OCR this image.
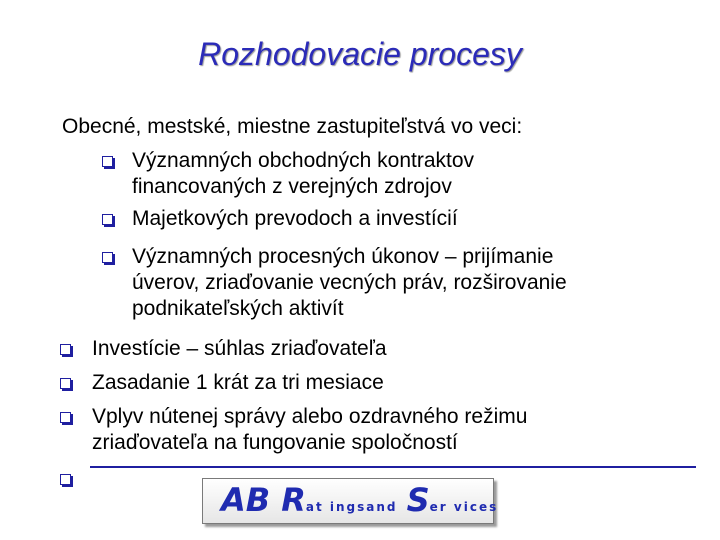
Rozhodovacie procesy
Obecné, mestské, miestne zastupiteľstvá vo veci:
Významných obchodných kontraktov
financovaných z verejných zdrojov
Majetkových prevodoch a investícií
Významných procesných úkonov – prijímanie
úverov, zriaďovanie vecných práv, rozširovanie
podnikateľských aktivít
Investície – súhlas zriaďovateľa
Zasadanie 1 krát za tri mesiace
Vplyv nútenej správy alebo ozdravného režimu
zriaďovateľa na fungovanie spoločností
AB Rat ingsand Ser vices
